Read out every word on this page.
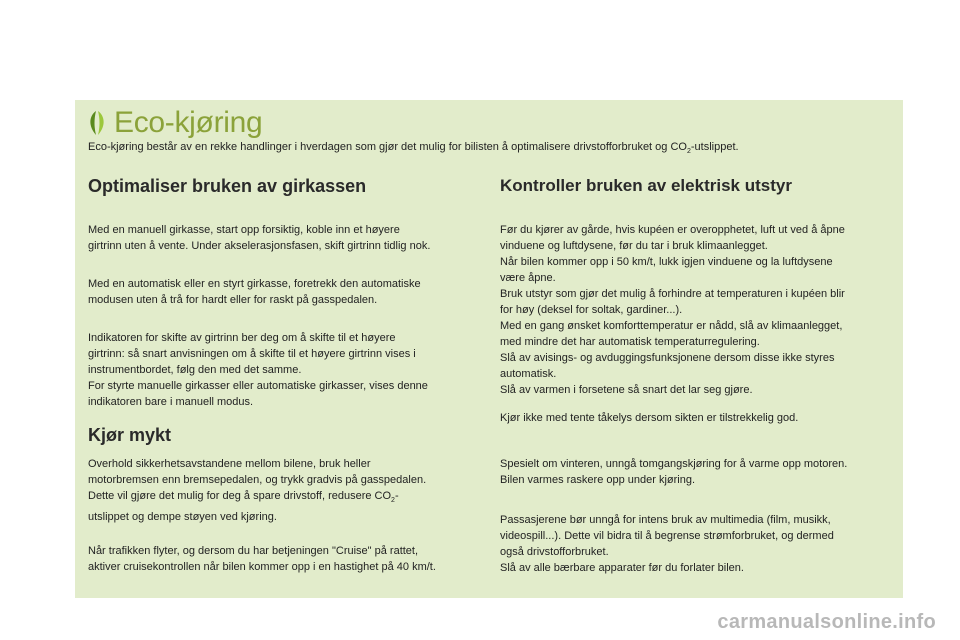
Eco-kjøring
Eco-kjøring består av en rekke handlinger i hverdagen som gjør det mulig for bilisten å optimalisere drivstofforbruket og $CO_2$-utslippet.
Optimaliser bruken av girkassen
Med en manuell girkasse, start opp forsiktig, koble inn et høyere
girtrinn uten å vente. Under akselerasjonsfasen, skift girtrinn tidlig nok.
Med en automatisk eller en styrt girkasse, foretrekk den automatiske
modusen uten å trå for hardt eller for raskt på gasspedalen.
Indikatoren for skifte av girtrinn ber deg om å skifte til et høyere
girtrinn: så snart anvisningen om å skifte til et høyere girtrinn vises i
instrumentbordet, følg den med det samme.
For styrte manuelle girkasser eller automatiske girkasser, vises denne
indikatoren bare i manuell modus.
Kjør mykt
Overhold sikkerhetsavstandene mellom bilene, bruk heller
motorbremsen enn bremsepedalen, og trykk gradvis på gasspedalen.
Dette vil gjøre det mulig for deg å spare drivstoff, redusere $CO_2-$
utslippet og dempe støyen ved kjøring.
Når trafikken flyter, og dersom du har betjeningen "Cruise" på rattet,
aktiver cruisekontrollen når bilen kommer opp i en hastighet på 40 km/t.
Kontroller bruken av elektrisk utstyr
Før du kjører av gårde, hvis kupéen er overopphetet, luft ut ved å åpne
vinduene og luftdysene, før du tar i bruk klimaanlegget.
Når bilen kommer opp i 50 km/t, lukk igjen vinduene og la luftdysene
være åpne.
Bruk utstyr som gjør det mulig å forhindre at temperaturen i kupéen blir
for høy (deksel for soltak, gardiner...).
Med en gang ønsket komforttemperatur er nådd, slå av klimaanlegget,
med mindre det har automatisk temperaturregulering.
Slå av avisings- og avduggingsfunksjonene dersom disse ikke styres
automatisk.
Slå av varmen i forsetene så snart det lar seg gjøre.
Kjør ikke med tente tåkelys dersom sikten er tilstrekkelig god.
Spesielt om vinteren, unngå tomgangskjøring for å varme opp motoren.
Bilen varmes raskere opp under kjøring.
Passasjerene bør unngå for intens bruk av multimedia (film, musikk,
videospill...). Dette vil bidra til å begrense strømforbruket, og dermed
også drivstofforbruket.
Slå av alle bærbare apparater før du forlater bilen.
carmanualsonline.info
